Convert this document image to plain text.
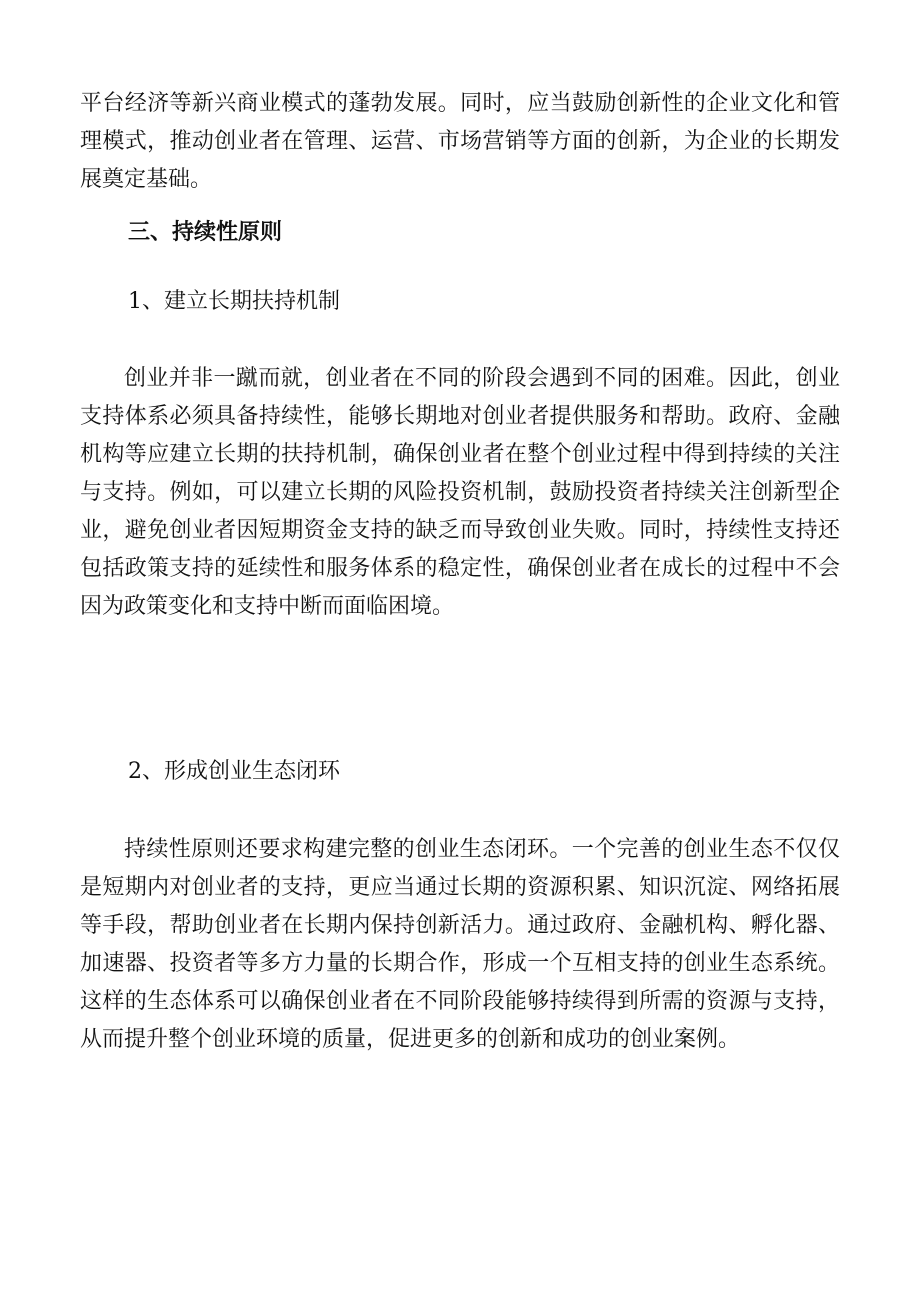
平台经济等新兴商业模式的蓬勃发展。同时，应当鼓励创新性的企业文化和管理模式，推动创业者在管理、运营、市场营销等方面的创新，为企业的长期发展奠定基础。

三、持续性原则
1、建立长期扶持机制

创业并非一蹴而就，创业者在不同的阶段会遇到不同的困难。因此，创业支持体系必须具备持续性，能够长期地对创业者提供服务和帮助。政府、金融机构等应建立长期的扶持机制，确保创业者在整个创业过程中得到持续的关注与支持。例如，可以建立长期的风险投资机制，鼓励投资者持续关注创新型企业，避免创业者因短期资金支持的缺乏而导致创业失败。同时，持续性支持还包括政策支持的延续性和服务体系的稳定性，确保创业者在成长的过程中不会因为政策变化和支持中断而面临困境。

2、形成创业生态闭环

持续性原则还要求构建完整的创业生态闭环。一个完善的创业生态不仅仅是短期内对创业者的支持，更应当通过长期的资源积累、知识沉淀、网络拓展等手段，帮助创业者在长期内保持创新活力。通过政府、金融机构、孵化器、加速器、投资者等多方力量的长期合作，形成一个互相支持的创业生态系统。这样的生态体系可以确保创业者在不同阶段能够持续得到所需的资源与支持，从而提升整个创业环境的质量，促进更多的创新和成功的创业案例。
